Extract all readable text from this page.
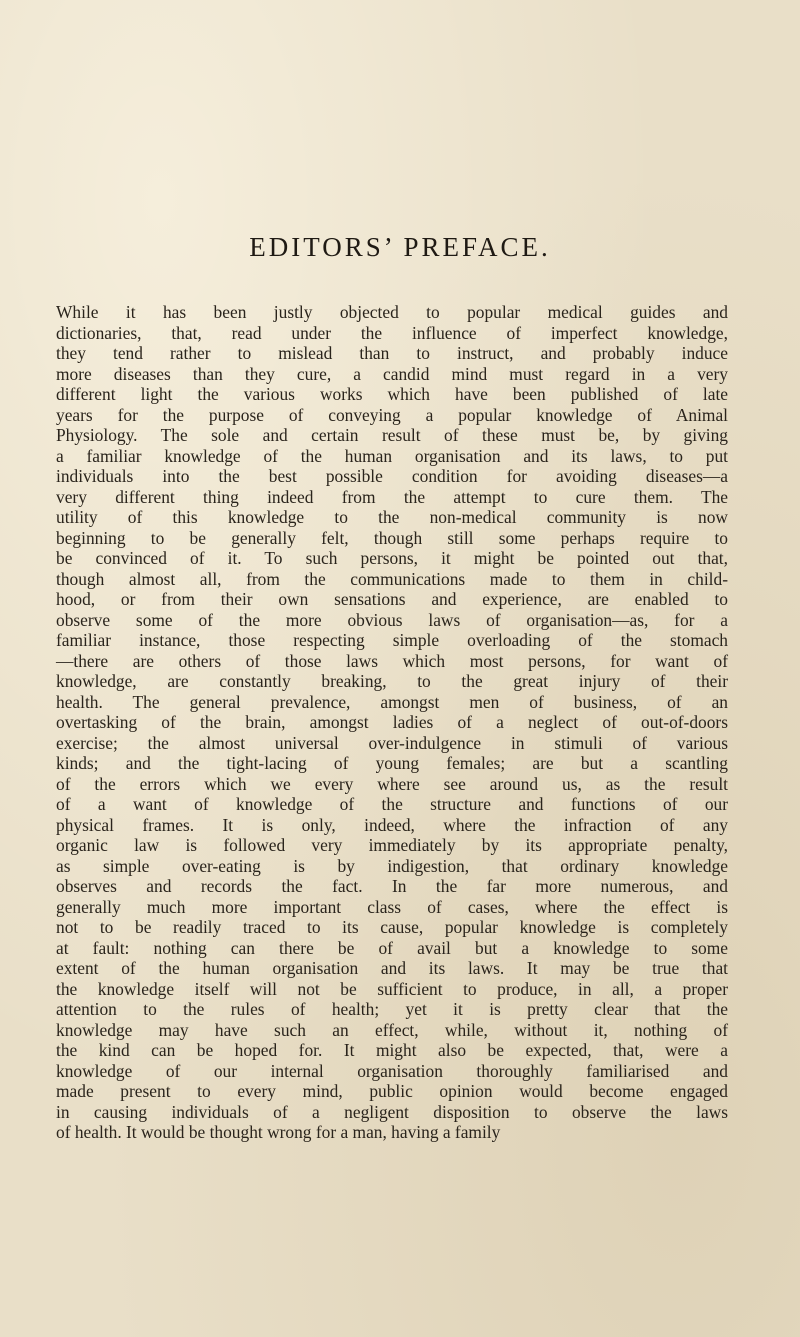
EDITORS’ PREFACE.
While it has been justly objected to popular medical guides and
dictionaries, that, read under the influence of imperfect knowledge,
they tend rather to mislead than to instruct, and probably induce
more diseases than they cure, a candid mind must regard in a very
different light the various works which have been published of late
years for the purpose of conveying a popular knowledge of Animal
Physiology. The sole and certain result of these must be, by giving
a familiar knowledge of the human organisation and its laws, to put
individuals into the best possible condition for avoiding diseases—a
very different thing indeed from the attempt to cure them. The
utility of this knowledge to the non-medical community is now
beginning to be generally felt, though still some perhaps require to
be convinced of it. To such persons, it might be pointed out that,
though almost all, from the communications made to them in child-
hood, or from their own sensations and experience, are enabled to
observe some of the more obvious laws of organisation—as, for a
familiar instance, those respecting simple overloading of the stomach
—there are others of those laws which most persons, for want of
knowledge, are constantly breaking, to the great injury of their
health. The general prevalence, amongst men of business, of an
overtasking of the brain, amongst ladies of a neglect of out-of-doors
exercise; the almost universal over-indulgence in stimuli of various
kinds; and the tight-lacing of young females; are but a scantling
of the errors which we every where see around us, as the result
of a want of knowledge of the structure and functions of our
physical frames. It is only, indeed, where the infraction of any
organic law is followed very immediately by its appropriate penalty,
as simple over-eating is by indigestion, that ordinary knowledge
observes and records the fact. In the far more numerous, and
generally much more important class of cases, where the effect is
not to be readily traced to its cause, popular knowledge is completely
at fault: nothing can there be of avail but a knowledge to some
extent of the human organisation and its laws. It may be true that
the knowledge itself will not be sufficient to produce, in all, a proper
attention to the rules of health; yet it is pretty clear that the
knowledge may have such an effect, while, without it, nothing of
the kind can be hoped for. It might also be expected, that, were a
knowledge of our internal organisation thoroughly familiarised and
made present to every mind, public opinion would become engaged
in causing individuals of a negligent disposition to observe the laws
of health. It would be thought wrong for a man, having a family
